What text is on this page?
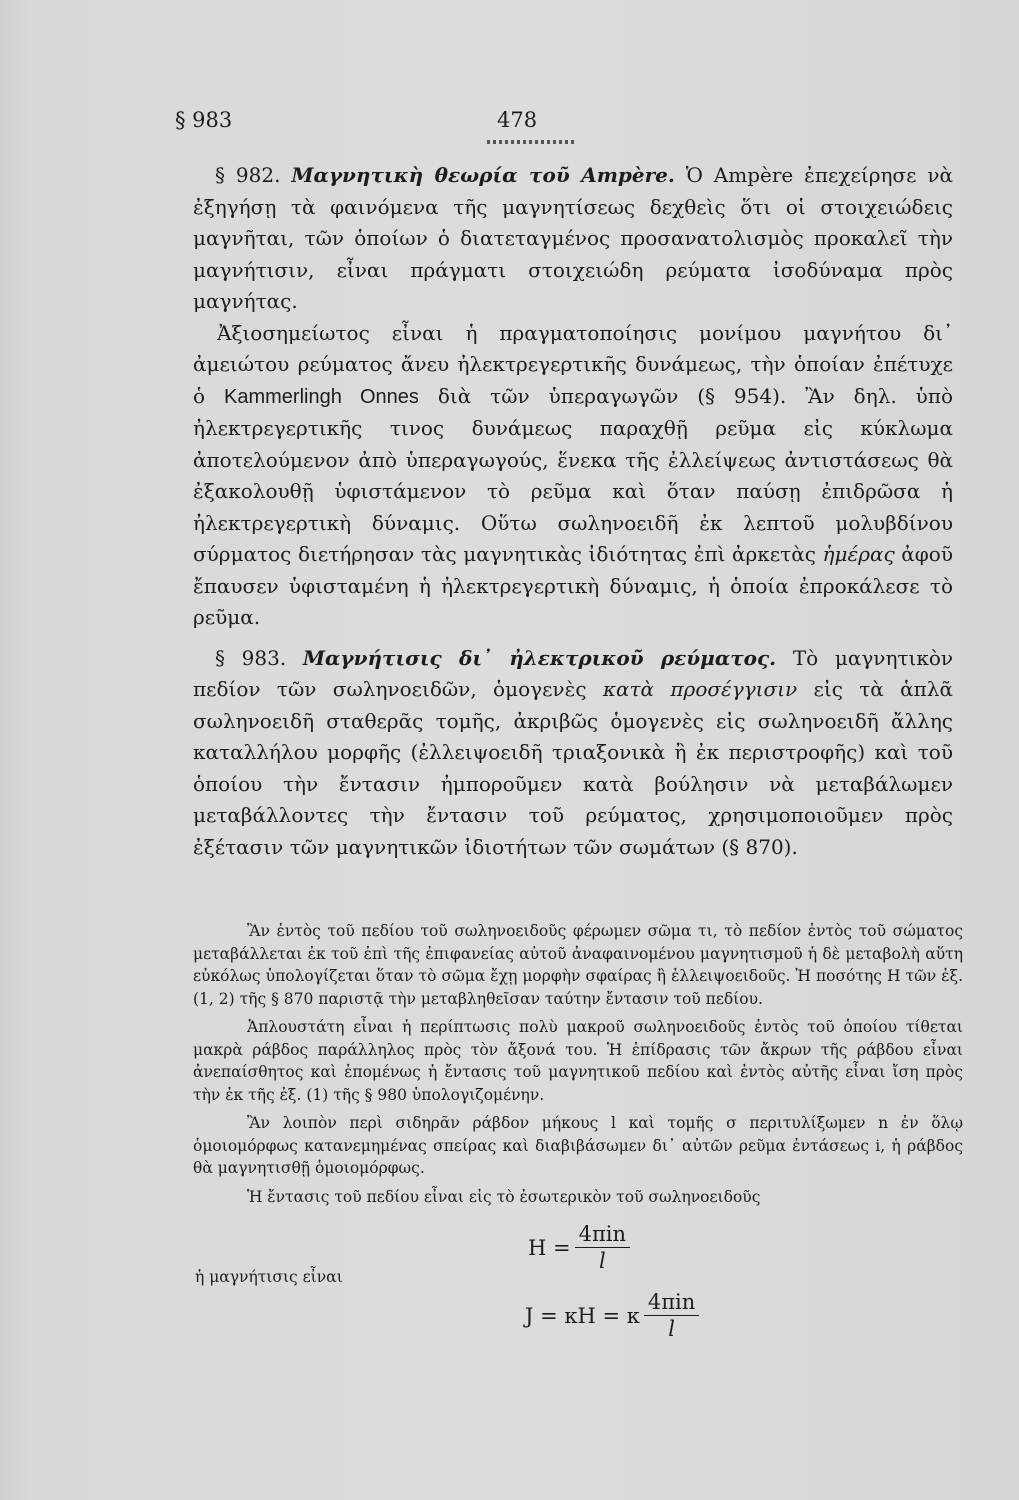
§ 983	478

§ 982. Μαγνητικὴ θεωρία τοῦ Ampère. Ὁ Ampère ἐπεχείρησε νὰ ἐξηγήσῃ τὰ φαινόμενα τῆς μαγνητίσεως δεχθεὶς ὅτι οἱ στοιχειώδεις μαγνῆται, τῶν ὁποίων ὁ διατεταγμένος προσανατολισμὸς προκαλεῖ τὴν μαγνήτισιν, εἶναι πράγματι στοιχειώδη ρεύματα ἰσοδύναμα πρὸς μαγνήτας.

Ἀξιοσημείωτος εἶναι ἡ πραγματοποίησις μονίμου μαγνήτου δι᾽ ἀμειώτου ρεύματος ἄνευ ἠλεκτρεγερτικῆς δυνάμεως, τὴν ὁποίαν ἐπέτυχε ὁ Kammerlingh Onnes διὰ τῶν ὑπεραγωγῶν (§ 954). Ἂν δηλ. ὑπὸ ἠλεκτρεγερτικῆς τινος δυνάμεως παραχθῇ ρεῦμα εἰς κύκλωμα ἀποτελούμενον ἀπὸ ὑπεραγωγούς, ἕνεκα τῆς ἐλλείψεως ἀντιστάσεως θὰ ἐξακολουθῇ ὑφιστάμενον τὸ ρεῦμα καὶ ὅταν παύσῃ ἐπιδρῶσα ἡ ἠλεκτρεγερτικὴ δύναμις. Οὕτω σωληνοειδῆ ἐκ λεπτοῦ μολυβδίνου σύρματος διετήρησαν τὰς μαγνητικὰς ἰδιότητας ἐπὶ ἀρκετὰς ἡμέρας ἀφοῦ ἔπαυσεν ὑφισταμένη ἡ ἠλεκτρεγερτικὴ δύναμις, ἡ ὁποία ἐπροκάλεσε τὸ ρεῦμα.

§ 983. Μαγνήτισις δι᾽ ἠλεκτρικοῦ ρεύματος. Τὸ μαγνητικὸν πεδίον τῶν σωληνοειδῶν, ὁμογενὲς κατὰ προσέγγισιν εἰς τὰ ἁπλᾶ σωληνοειδῆ σταθερᾶς τομῆς, ἀκριβῶς ὁμογενὲς εἰς σωληνοειδῆ ἄλλης καταλλήλου μορφῆς (ἐλλειψοειδῆ τριαξονικὰ ἢ ἐκ περιστροφῆς) καὶ τοῦ ὁποίου τὴν ἔντασιν ἠμποροῦμεν κατὰ βούλησιν νὰ μεταβάλωμεν μεταβάλλοντες τὴν ἔντασιν τοῦ ρεύματος, χρησιμοποιοῦμεν πρὸς ἐξέτασιν τῶν μαγνητικῶν ἰδιοτήτων τῶν σωμάτων (§ 870).

Ἂν ἐντὸς τοῦ πεδίου τοῦ σωληνοειδοῦς φέρωμεν σῶμα τι, τὸ πεδίον ἐντὸς τοῦ σώματος μεταβάλλεται ἐκ τοῦ ἐπὶ τῆς ἐπιφανείας αὐτοῦ ἀναφαινομένου μαγνητισμοῦ ἡ δὲ μεταβολὴ αὕτη εὐκόλως ὑπολογίζεται ὅταν τὸ σῶμα ἔχῃ μορφὴν σφαίρας ἢ ἐλλειψοειδοῦς. Ἡ ποσότης H τῶν ἐξ. (1, 2) τῆς § 870 παριστᾷ τὴν μεταβληθεῖσαν ταύτην ἔντασιν τοῦ πεδίου.

Ἁπλουστάτη εἶναι ἡ περίπτωσις πολὺ μακροῦ σωληνοειδοῦς ἐντὸς τοῦ ὁποίου τίθεται μακρὰ ράβδος παράλληλος πρὸς τὸν ἄξονά του. Ἡ ἐπίδρασις τῶν ἄκρων τῆς ράβδου εἶναι ἀνεπαίσθητος καὶ ἑπομένως ἡ ἔντασις τοῦ μαγνητικοῦ πεδίου καὶ ἐντὸς αὐτῆς εἶναι ἴση πρὸς τὴν ἐκ τῆς ἐξ. (1) τῆς § 980 ὑπολογιζομένην.

Ἂν λοιπὸν περὶ σιδηρᾶν ράβδον μήκους l καὶ τομῆς σ περιτυλίξωμεν n ἐν ὅλῳ ὁμοιομόρφως κατανεμημένας σπείρας καὶ διαβιβάσωμεν δι᾽ αὐτῶν ρεῦμα ἐντάσεως i, ἡ ράβδος θὰ μαγνητισθῇ ὁμοιομόρφως.

Ἡ ἔντασις τοῦ πεδίου εἶναι εἰς τὸ ἐσωτερικὸν τοῦ σωληνοειδοῦς

$H = \frac{\text{4πin}}{l}$
ἡ μαγνήτισις εἶναι
J = κH = κ $\frac{\text{4πin}}{l}$
